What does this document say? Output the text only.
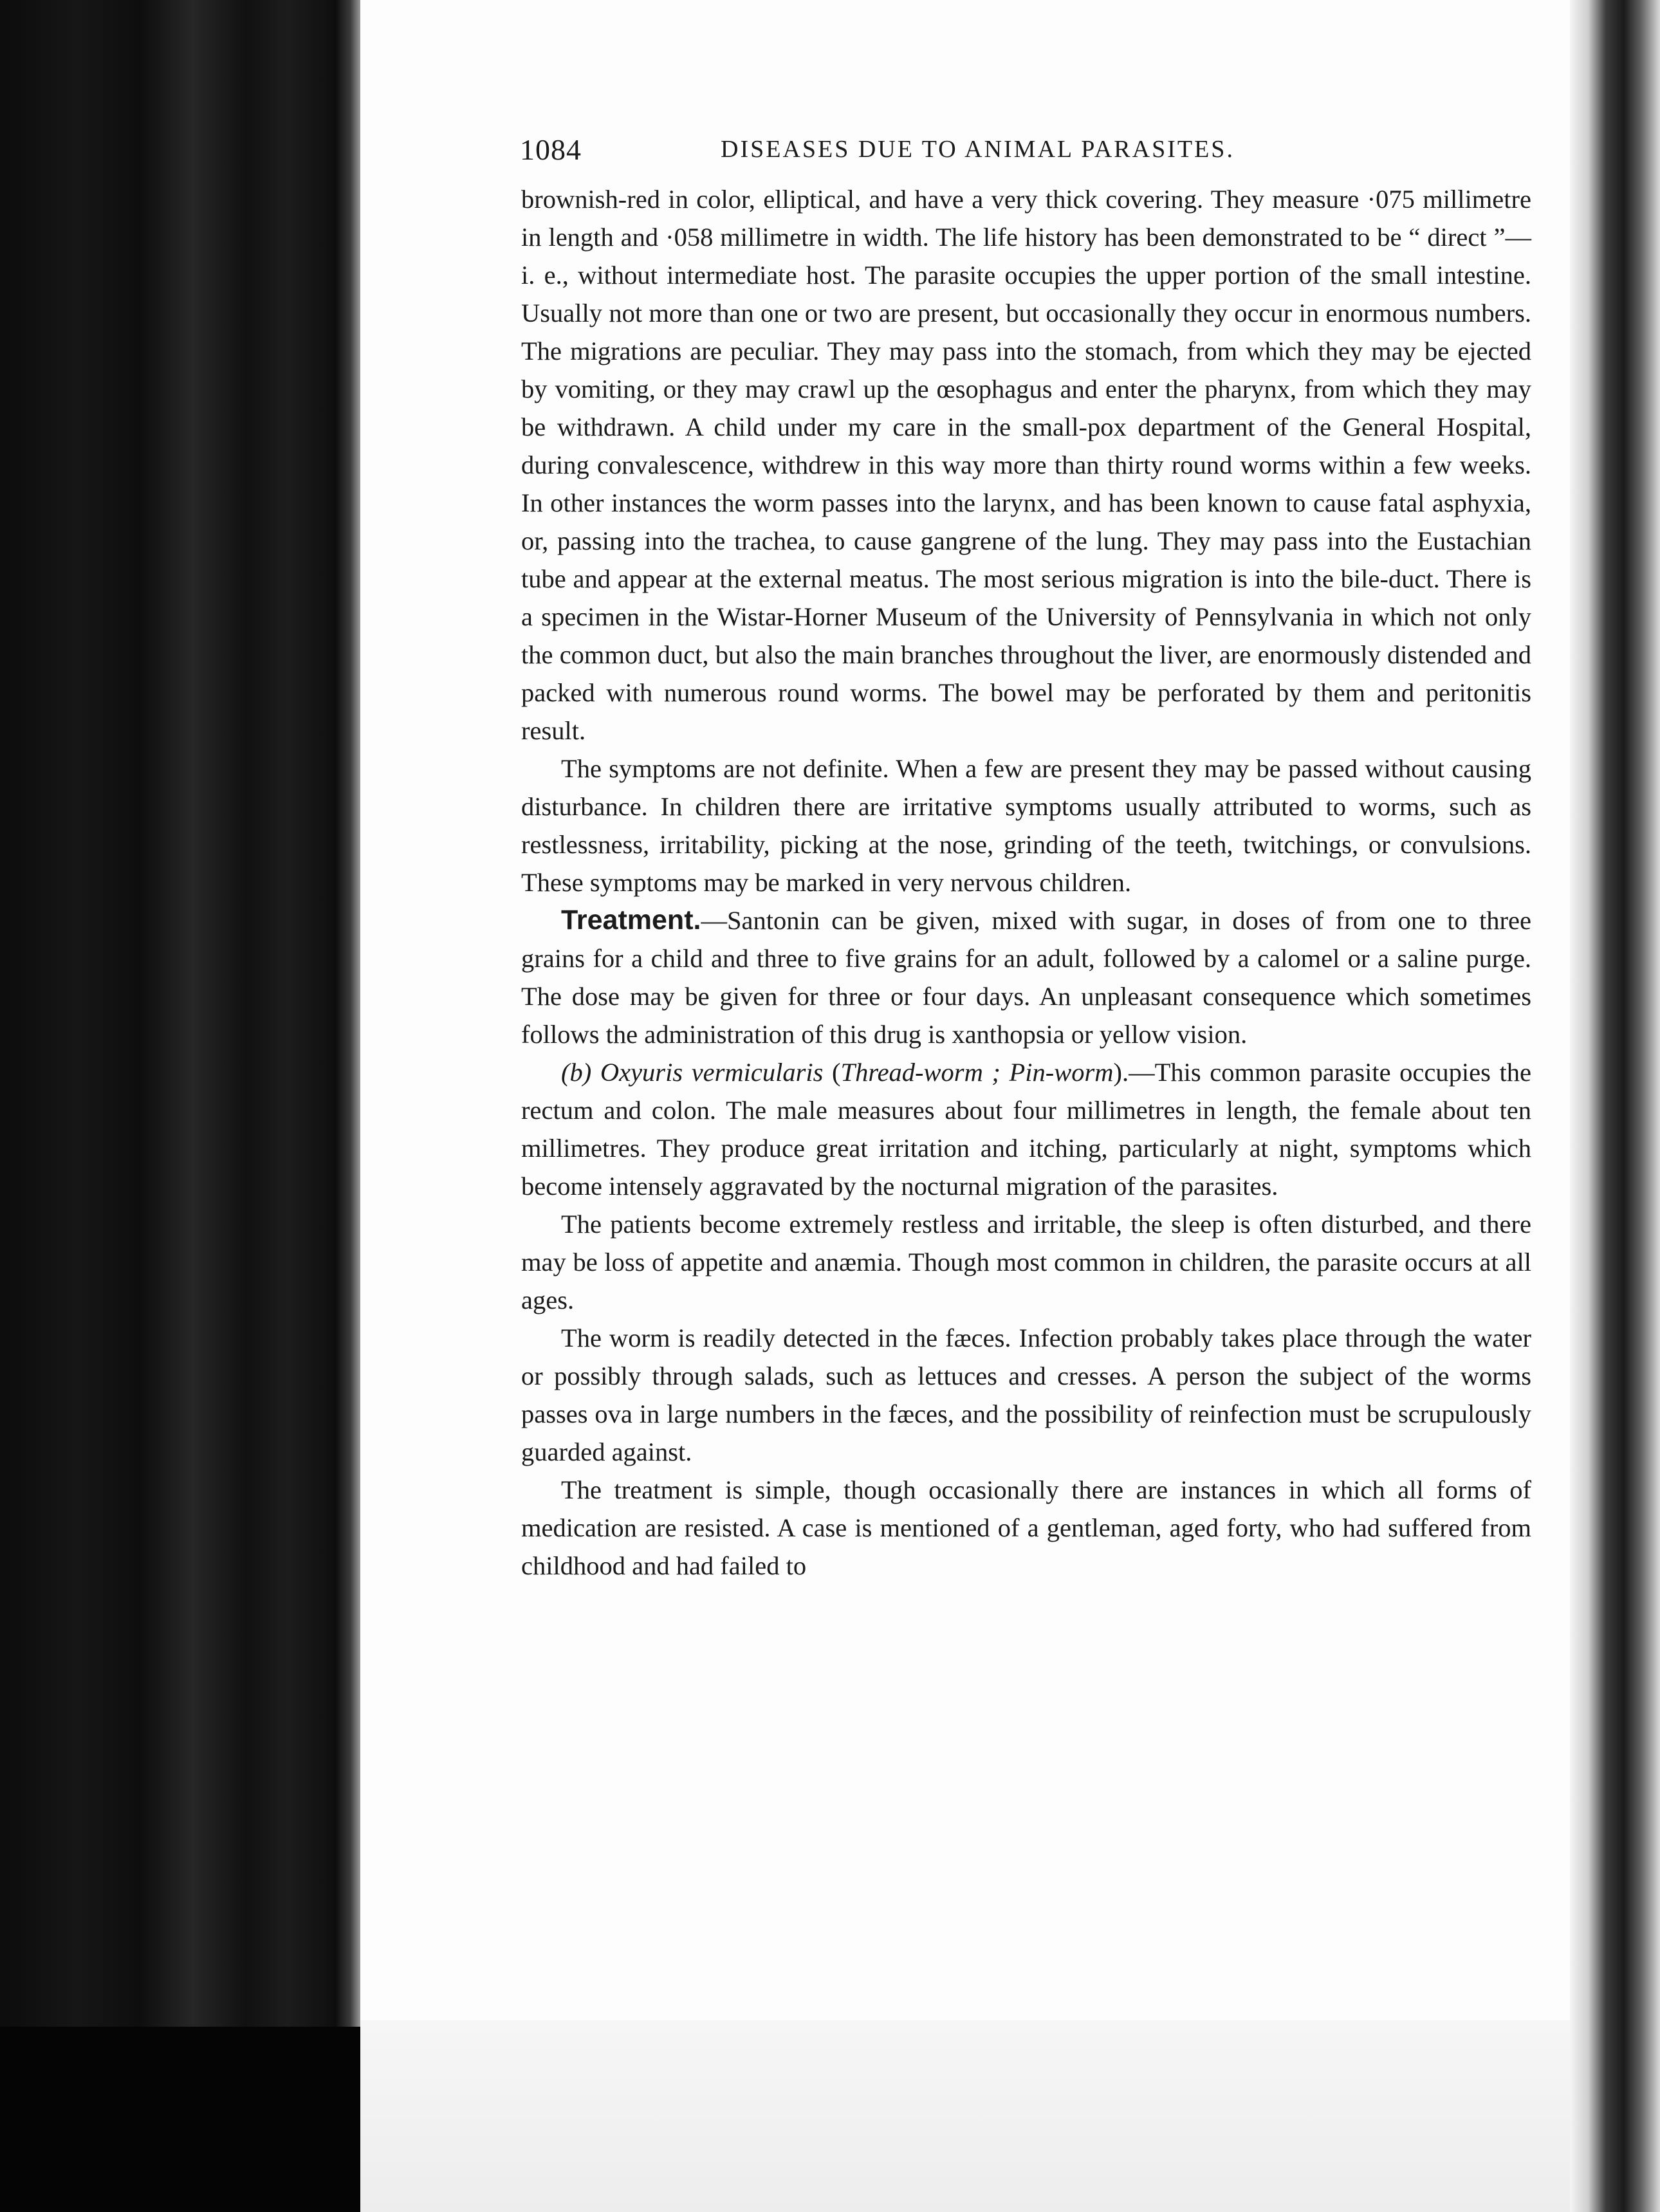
1084	DISEASES DUE TO ANIMAL PARASITES.

brownish-red in color, elliptical, and have a very thick covering. They measure ·075 millimetre in length and ·058 millimetre in width. The life history has been demonstrated to be “ direct ”—i. e., without intermediate host. The parasite occupies the upper portion of the small intestine. Usually not more than one or two are present, but occasionally they occur in enormous numbers. The migrations are peculiar. They may pass into the stomach, from which they may be ejected by vomiting, or they may crawl up the œsophagus and enter the pharynx, from which they may be withdrawn. A child under my care in the small-pox department of the General Hospital, during convalescence, withdrew in this way more than thirty round worms within a few weeks. In other instances the worm passes into the larynx, and has been known to cause fatal asphyxia, or, passing into the trachea, to cause gangrene of the lung. They may pass into the Eustachian tube and appear at the external meatus. The most serious migration is into the bile-duct. There is a specimen in the Wistar-Horner Museum of the University of Pennsylvania in which not only the common duct, but also the main branches throughout the liver, are enormously distended and packed with numerous round worms. The bowel may be perforated by them and peritonitis result.

The symptoms are not definite. When a few are present they may be passed without causing disturbance. In children there are irritative symptoms usually attributed to worms, such as restlessness, irritability, picking at the nose, grinding of the teeth, twitchings, or convulsions. These symptoms may be marked in very nervous children.

Treatment.—Santonin can be given, mixed with sugar, in doses of from one to three grains for a child and three to five grains for an adult, followed by a calomel or a saline purge. The dose may be given for three or four days. An unpleasant consequence which sometimes follows the administration of this drug is xanthopsia or yellow vision.

(b) Oxyuris vermicularis (Thread-worm ; Pin-worm).—This common parasite occupies the rectum and colon. The male measures about four millimetres in length, the female about ten millimetres. They produce great irritation and itching, particularly at night, symptoms which become intensely aggravated by the nocturnal migration of the parasites.

The patients become extremely restless and irritable, the sleep is often disturbed, and there may be loss of appetite and anæmia. Though most common in children, the parasite occurs at all ages.

The worm is readily detected in the fæces. Infection probably takes place through the water or possibly through salads, such as lettuces and cresses. A person the subject of the worms passes ova in large numbers in the fæces, and the possibility of reinfection must be scrupulously guarded against.

The treatment is simple, though occasionally there are instances in which all forms of medication are resisted. A case is mentioned of a gentleman, aged forty, who had suffered from childhood and had failed to
